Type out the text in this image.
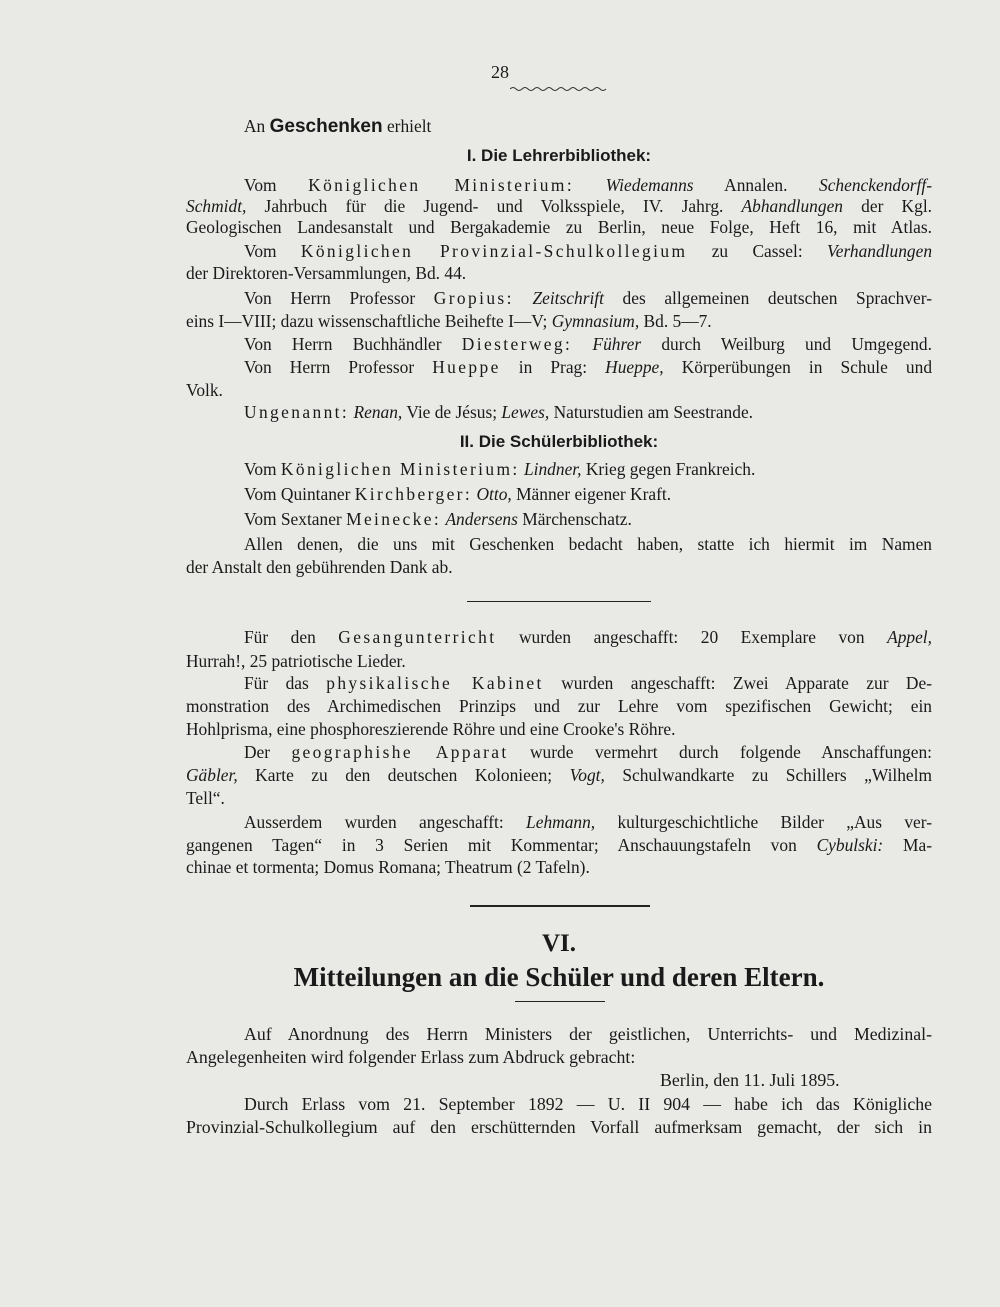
28
An Geschenken erhielt
I. Die Lehrerbibliothek:
Vom Königlichen Ministerium: Wiedemanns Annalen. Schenckendorff-
Schmidt, Jahrbuch für die Jugend- und Volksspiele, IV. Jahrg. Abhandlungen der Kgl.
Geologischen Landesanstalt und Bergakademie zu Berlin, neue Folge, Heft 16, mit Atlas.
Vom Königlichen Provinzial-Schulkollegium zu Cassel: Verhandlungen
der Direktoren-Versammlungen, Bd. 44.
Von Herrn Professor Gropius: Zeitschrift des allgemeinen deutschen Sprachver-
eins I—VIII; dazu wissenschaftliche Beihefte I—V; Gymnasium, Bd. 5—7.
Von Herrn Buchhändler Diesterweg: Führer durch Weilburg und Umgegend.
Von Herrn Professor Hueppe in Prag: Hueppe, Körperübungen in Schule und
Volk.
Ungenannt: Renan, Vie de Jésus; Lewes, Naturstudien am Seestrande.
II. Die Schülerbibliothek:
Vom Königlichen Ministerium: Lindner, Krieg gegen Frankreich.
Vom Quintaner Kirchberger: Otto, Männer eigener Kraft.
Vom Sextaner Meinecke: Andersens Märchenschatz.
Allen denen, die uns mit Geschenken bedacht haben, statte ich hiermit im Namen
der Anstalt den gebührenden Dank ab.
Für den Gesangunterricht wurden angeschafft: 20 Exemplare von Appel,
Hurrah!, 25 patriotische Lieder.
Für das physikalische Kabinet wurden angeschafft: Zwei Apparate zur De-
monstration des Archimedischen Prinzips und zur Lehre vom spezifischen Gewicht; ein
Hohlprisma, eine phosphoreszierende Röhre und eine Crooke's Röhre.
Der geographishe Apparat wurde vermehrt durch folgende Anschaffungen:
Gäbler, Karte zu den deutschen Kolonieen; Vogt, Schulwandkarte zu Schillers „Wilhelm
Tell“.
Ausserdem wurden angeschafft: Lehmann, kulturgeschichtliche Bilder „Aus ver-
gangenen Tagen“ in 3 Serien mit Kommentar; Anschauungstafeln von Cybulski: Ma-
chinae et tormenta; Domus Romana; Theatrum (2 Tafeln).
VI.
Mitteilungen an die Schüler und deren Eltern.
Auf Anordnung des Herrn Ministers der geistlichen, Unterrichts- und Medizinal-
Angelegenheiten wird folgender Erlass zum Abdruck gebracht:
Berlin, den 11. Juli 1895.
Durch Erlass vom 21. September 1892 — U. II 904 — habe ich das Königliche
Provinzial-Schulkollegium auf den erschütternden Vorfall aufmerksam gemacht, der sich in
